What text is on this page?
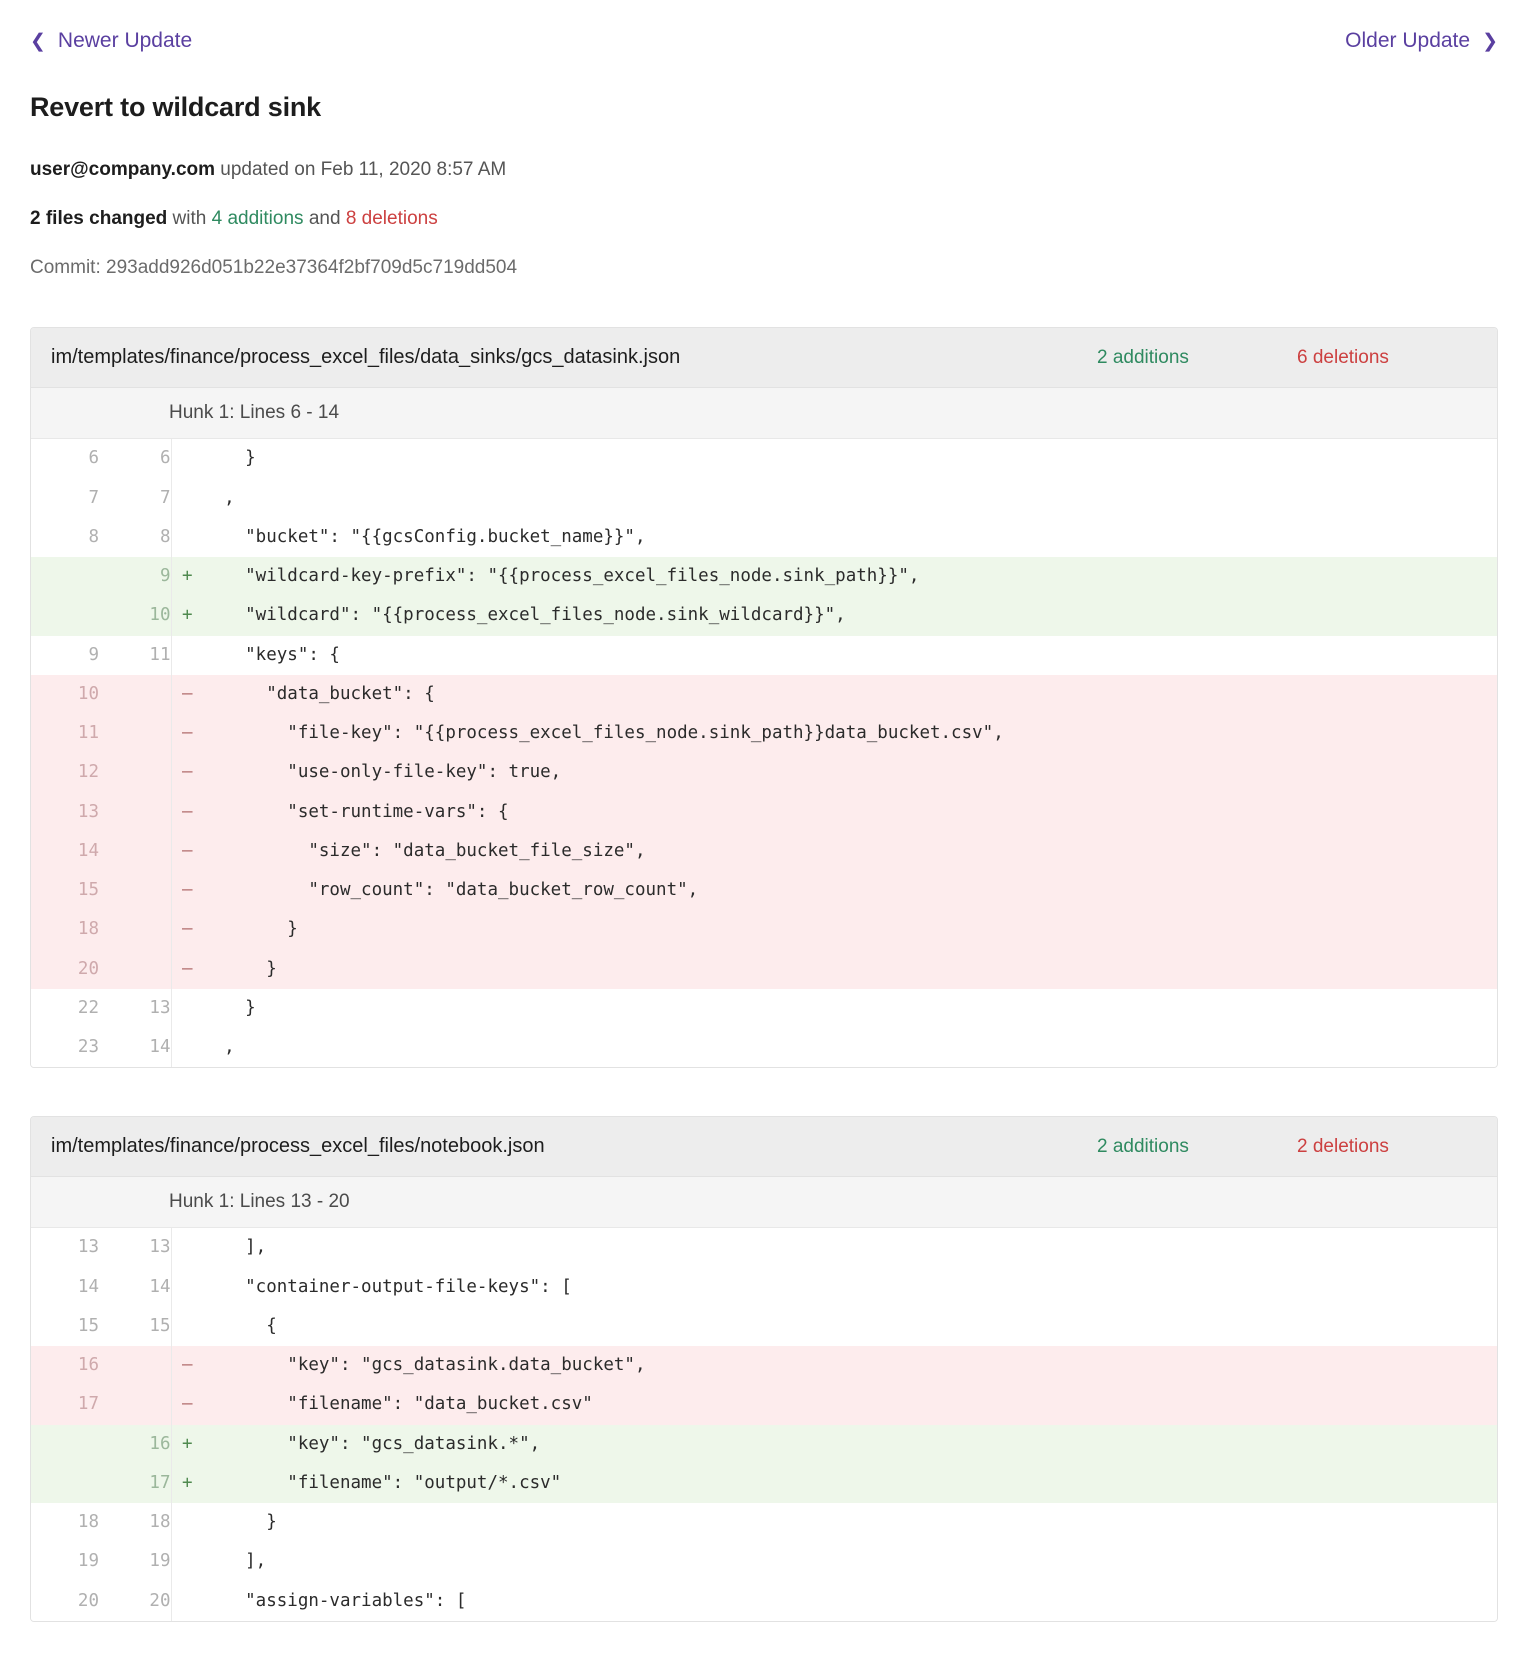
❮ Newer Update	Older Update ❯
Revert to wildcard sink
user@company.com updated on Feb 11, 2020 8:57 AM
2 files changed with 4 additions and 8 deletions
Commit: 293add926d051b22e37364f2bf709d5c719dd504
im/templates/finance/process_excel_files/data_sinks/gcs_datasink.json	2 additions	6 deletions
Hunk 1: Lines 6 - 14
6	6		}
7	7		,
8	8		"bucket": "{{gcsConfig.bucket_name}}",
	9	+	"wildcard-key-prefix": "{{process_excel_files_node.sink_path}}",
	10	+	"wildcard": "{{process_excel_files_node.sink_wildcard}}",
9	11		"keys": {
10		–	"data_bucket": {
11		–	"file-key": "{{process_excel_files_node.sink_path}}data_bucket.csv",
12		–	"use-only-file-key": true,
13		–	"set-runtime-vars": {
14		–	"size": "data_bucket_file_size",
15		–	"row_count": "data_bucket_row_count",
18		–	}
20		–	}
22	13		}
23	14		,
im/templates/finance/process_excel_files/notebook.json	2 additions	2 deletions
Hunk 1: Lines 13 - 20
13	13		],
14	14		"container-output-file-keys": [
15	15		{
16		–	"key": "gcs_datasink.data_bucket",
17		–	"filename": "data_bucket.csv"
	16	+	"key": "gcs_datasink.*",
	17	+	"filename": "output/*.csv"
18	18		}
19	19		],
20	20		"assign-variables": [
